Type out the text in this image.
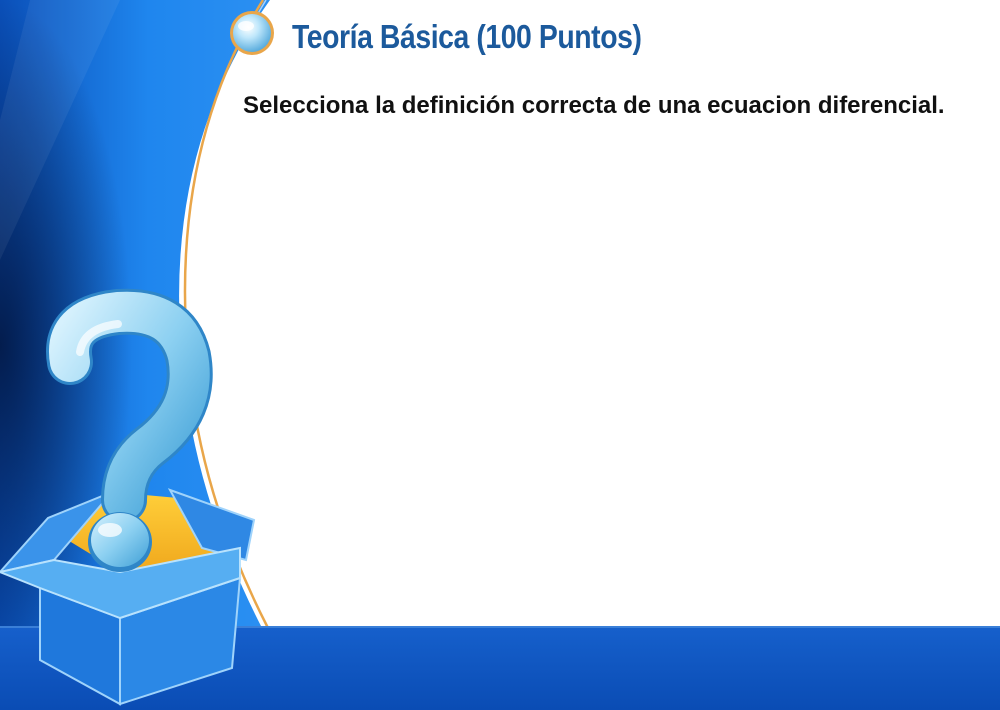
Teoría Básica (100 Puntos)

Selecciona la definición correcta de una ecuacion diferencial.
